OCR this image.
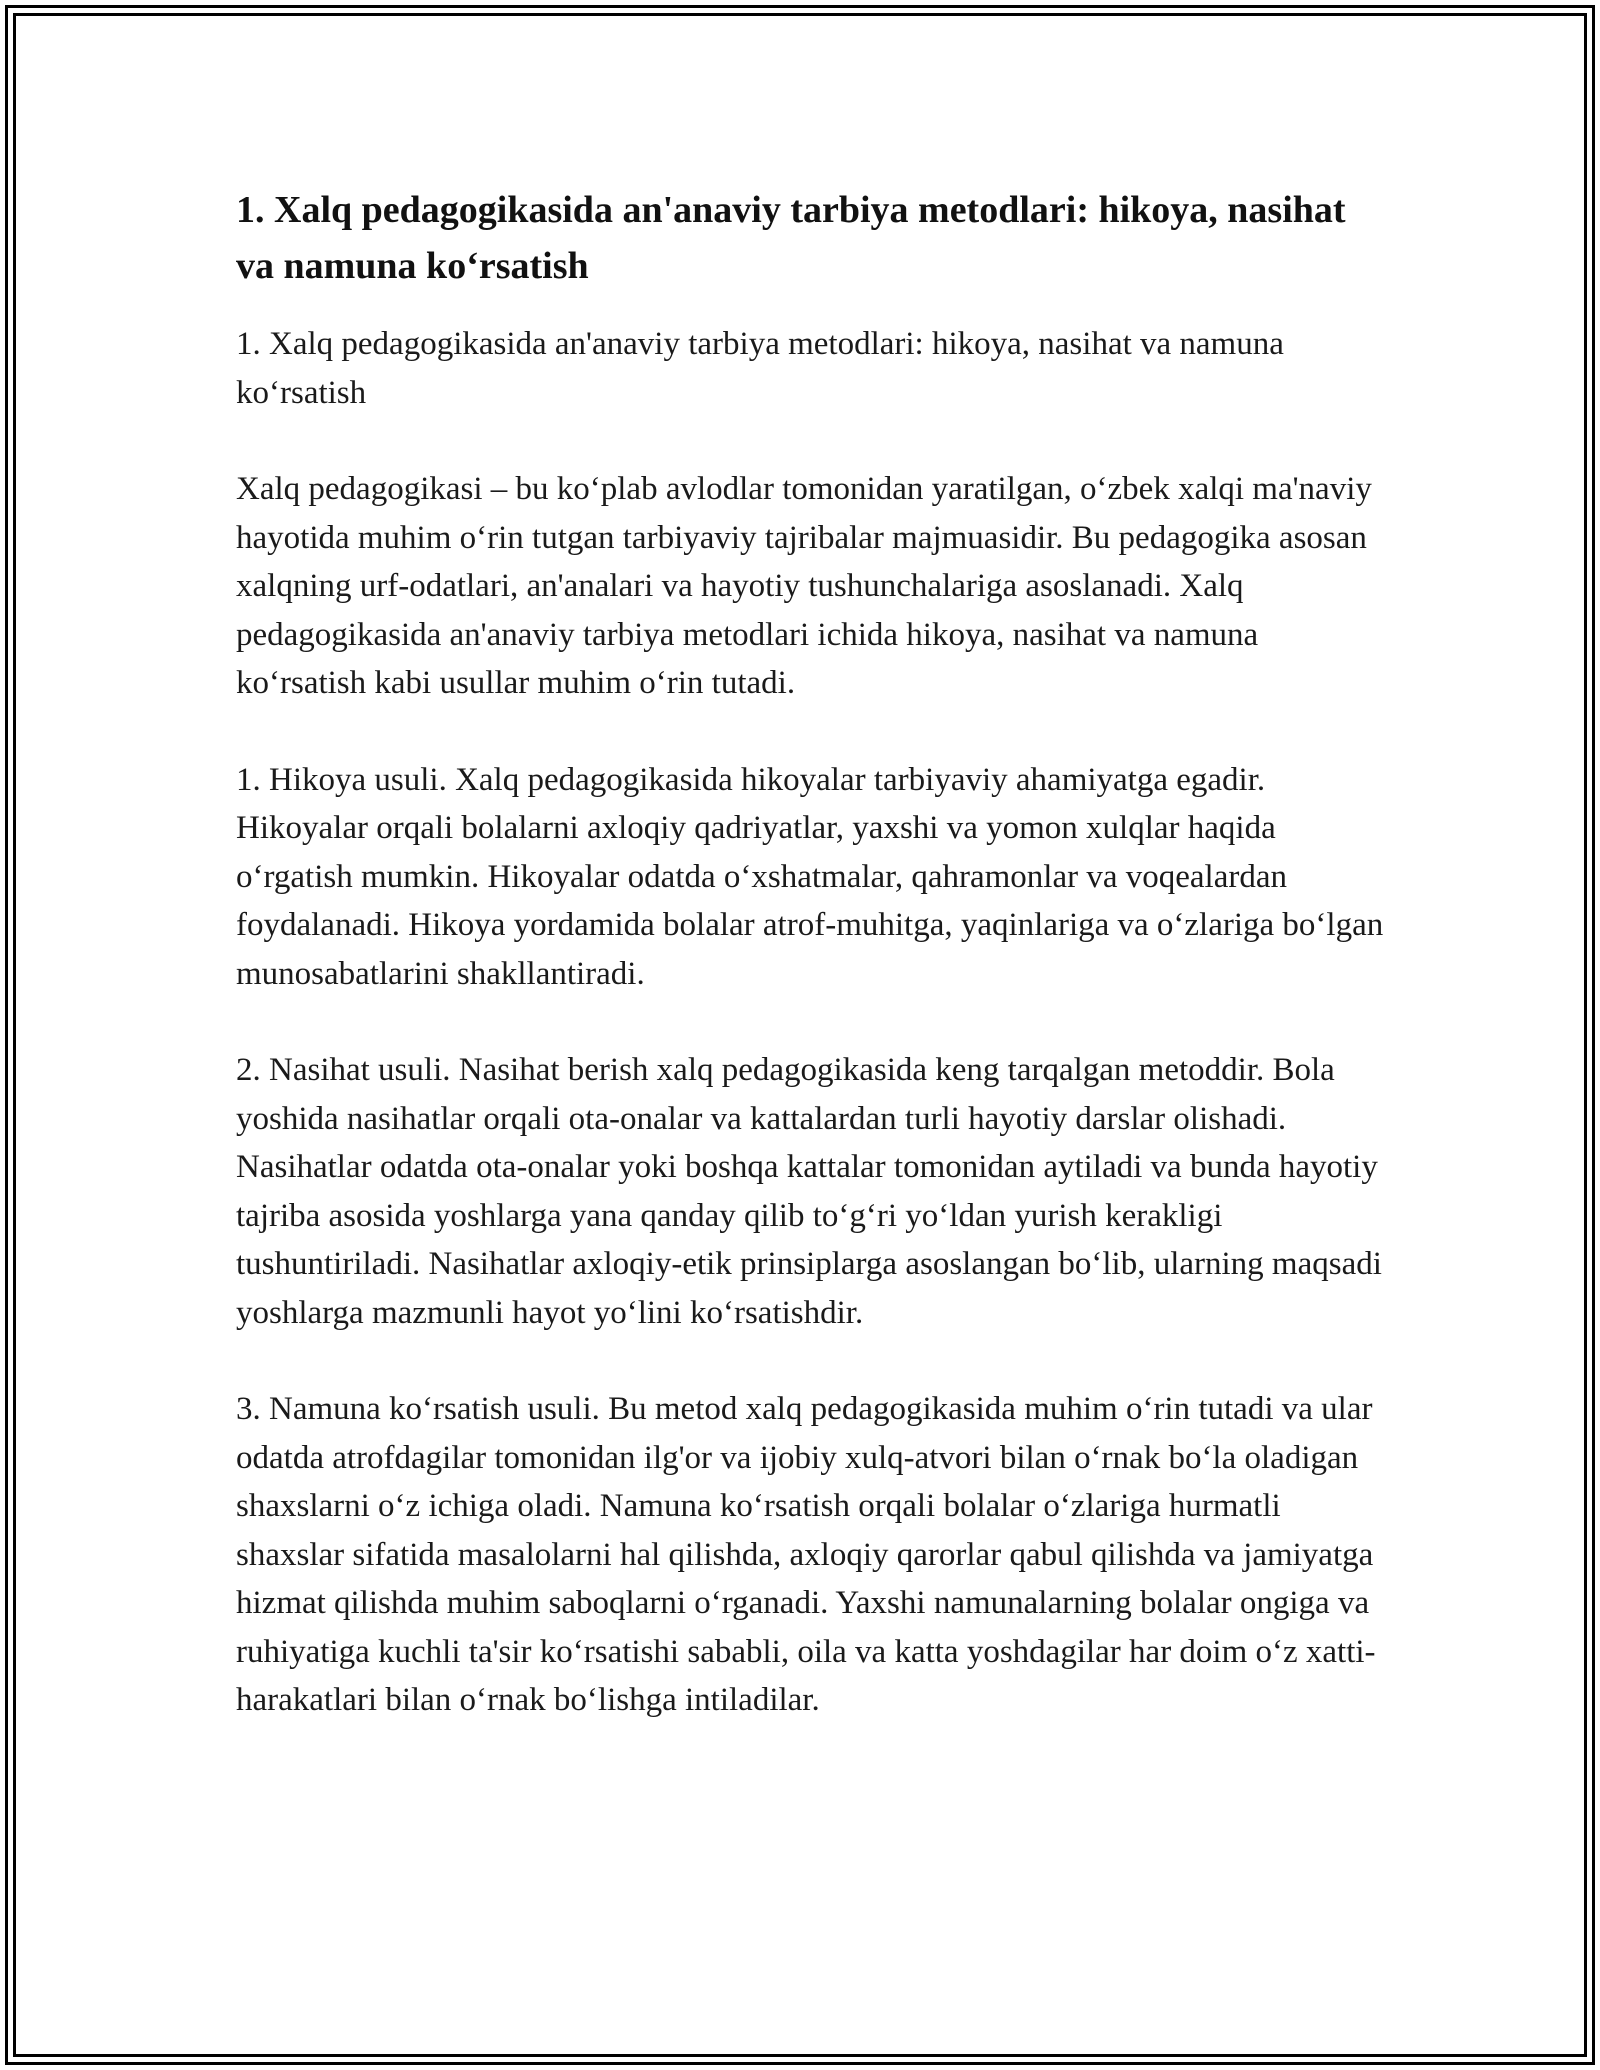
1. Xalq pedagogikasida an'anaviy tarbiya metodlari: hikoya, nasihat va namuna ko‘rsatish

1. Xalq pedagogikasida an'anaviy tarbiya metodlari: hikoya, nasihat va namuna ko‘rsatish

Xalq pedagogikasi – bu ko‘plab avlodlar tomonidan yaratilgan, o‘zbek xalqi ma'naviy hayotida muhim o‘rin tutgan tarbiyaviy tajribalar majmuasidir. Bu pedagogika asosan xalqning urf-odatlari, an'analari va hayotiy tushunchalariga asoslanadi. Xalq pedagogikasida an'anaviy tarbiya metodlari ichida hikoya, nasihat va namuna ko‘rsatish kabi usullar muhim o‘rin tutadi.

1. Hikoya usuli. Xalq pedagogikasida hikoyalar tarbiyaviy ahamiyatga egadir. Hikoyalar orqali bolalarni axloqiy qadriyatlar, yaxshi va yomon xulqlar haqida o‘rgatish mumkin. Hikoyalar odatda o‘xshatmalar, qahramonlar va voqealardan foydalanadi. Hikoya yordamida bolalar atrof-muhitga, yaqinlariga va o‘zlariga bo‘lgan munosabatlarini shakllantiradi.

2. Nasihat usuli. Nasihat berish xalq pedagogikasida keng tarqalgan metoddir. Bola yoshida nasihatlar orqali ota-onalar va kattalardan turli hayotiy darslar olishadi. Nasihatlar odatda ota-onalar yoki boshqa kattalar tomonidan aytiladi va bunda hayotiy tajriba asosida yoshlarga yana qanday qilib to‘g‘ri yo‘ldan yurish kerakligi tushuntiriladi. Nasihatlar axloqiy-etik prinsiplarga asoslangan bo‘lib, ularning maqsadi yoshlarga mazmunli hayot yo‘lini ko‘rsatishdir.

3. Namuna ko‘rsatish usuli. Bu metod xalq pedagogikasida muhim o‘rin tutadi va ular odatda atrofdagilar tomonidan ilg'or va ijobiy xulq-atvori bilan o‘rnak bo‘la oladigan shaxslarni o‘z ichiga oladi. Namuna ko‘rsatish orqali bolalar o‘zlariga hurmatli shaxslar sifatida masalolarni hal qilishda, axloqiy qarorlar qabul qilishda va jamiyatga hizmat qilishda muhim saboqlarni o‘rganadi. Yaxshi namunalarning bolalar ongiga va ruhiyatiga kuchli ta'sir ko‘rsatishi sababli, oila va katta yoshdagilar har doim o‘z xatti-harakatlari bilan o‘rnak bo‘lishga intiladilar.
